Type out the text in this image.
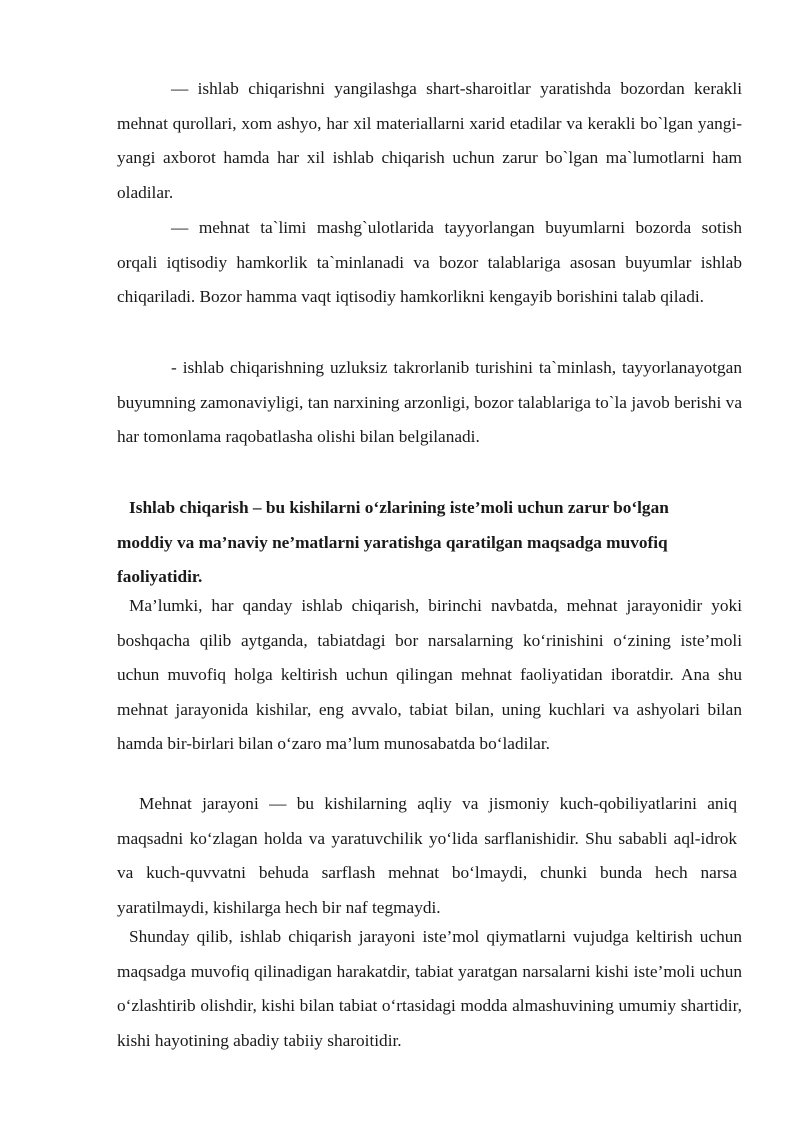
— ishlab chiqarishni yangilashga shart-sharoitlar yaratishda bozordan kerakli mehnat qurollari, xom ashyo, har xil materiallarni xarid etadilar va kerakli bo`lgan yangi-yangi axborot hamda har xil ishlab chiqarish uchun zarur bo`lgan ma`lumotlarni ham oladilar.

— mehnat ta`limi mashg`ulotlarida tayyorlangan buyumlarni bozorda sotish orqali iqtisodiy hamkorlik ta`minlanadi va bozor talablariga asosan buyumlar ishlab chiqariladi. Bozor hamma vaqt iqtisodiy hamkorlikni kengayib borishini talab qiladi.

- ishlab chiqarishning uzluksiz takrorlanib turishini ta`minlash, tayyorlanayotgan buyumning zamonaviyligi, tan narxining arzonligi, bozor talablariga to`la javob berishi va har tomonlama raqobatlasha olishi bilan belgilanadi.

Ishlab chiqarish – bu kishilarni o‘zlarining iste’moli uchun zarur bo‘lgan moddiy va ma’naviy ne’matlarni yaratishga qaratilgan maqsadga muvofiq faoliyatidir.

Ma’lumki, har qanday ishlab chiqarish, birinchi navbatda, mehnat jarayonidir yoki boshqacha qilib aytganda, tabiatdagi bor narsalarning ko‘rinishini o‘zining iste’moli uchun muvofiq holga keltirish uchun qilingan mehnat faoliyatidan iboratdir. Ana shu mehnat jarayonida kishilar, eng avvalo, tabiat bilan, uning kuchlari va ashyolari bilan hamda bir-birlari bilan o‘zaro ma’lum munosabatda bo‘ladilar.

Mehnat jarayoni — bu kishilarning aqliy va jismoniy kuch-qobiliyatlarini aniq maqsadni ko‘zlagan holda va yaratuvchilik yo‘lida sarflanishidir. Shu sababli aql-idrok va kuch-quvvatni behuda sarflash mehnat bo‘lmaydi, chunki bunda hech narsa yaratilmaydi, kishilarga hech bir naf tegmaydi.

Shunday qilib, ishlab chiqarish jarayoni iste’mol qiymatlarni vujudga keltirish uchun maqsadga muvofiq qilinadigan harakatdir, tabiat yaratgan narsalarni kishi iste’moli uchun o‘zlashtirib olishdir, kishi bilan tabiat o‘rtasidagi modda almashuvining umumiy shartidir, kishi hayotining abadiy tabiiy sharoitidir.
